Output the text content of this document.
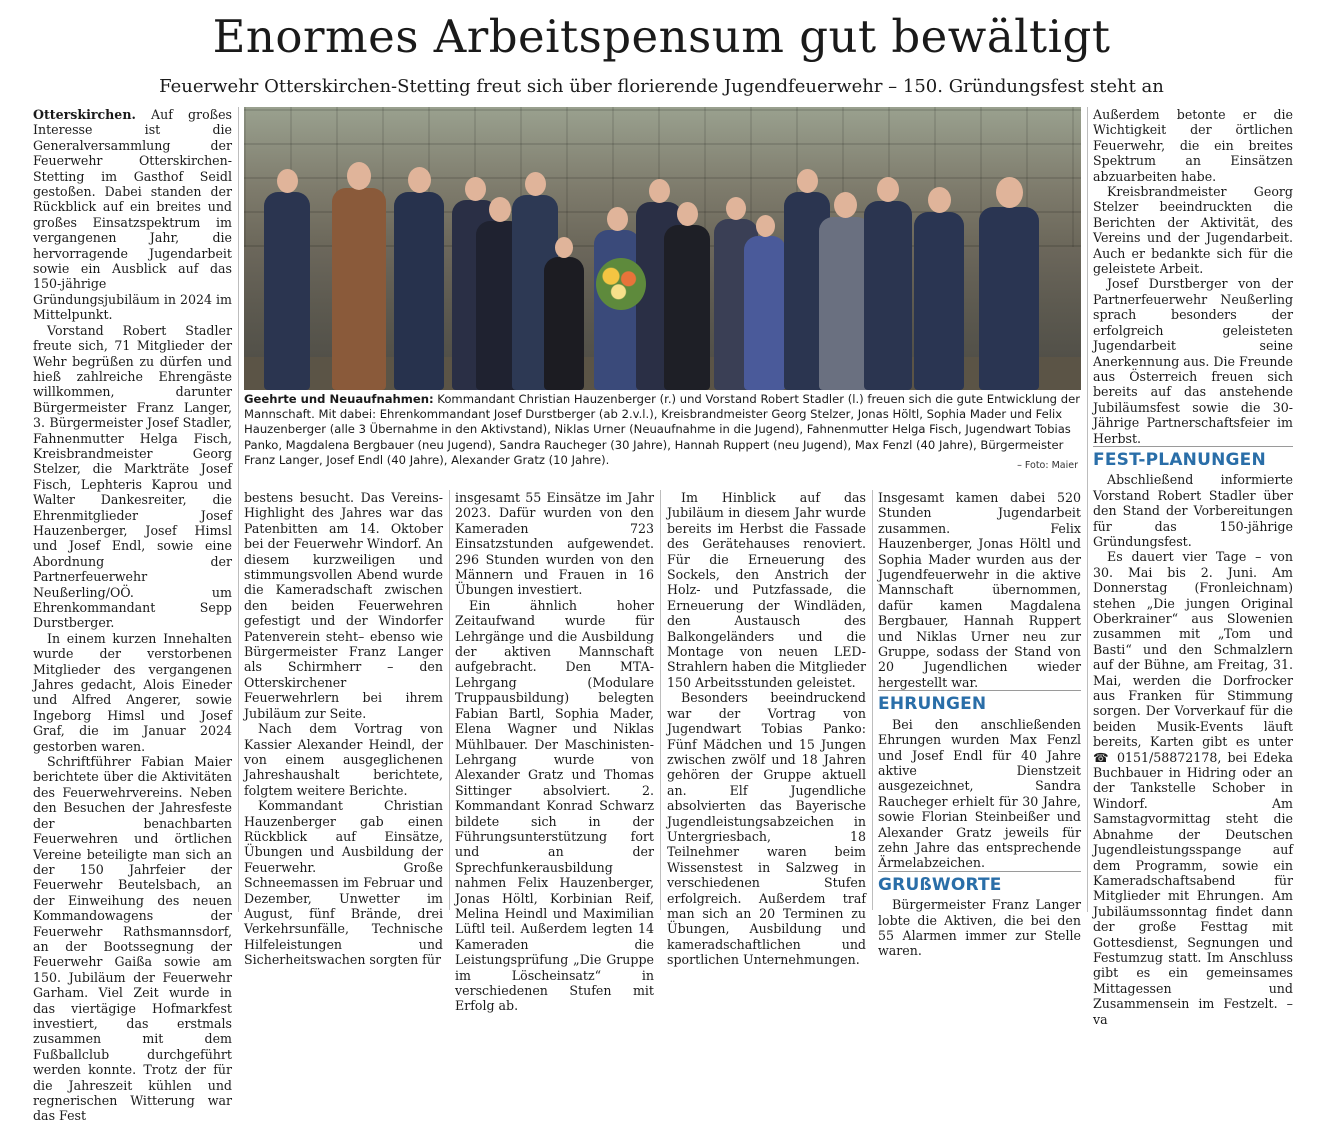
Enormes Arbeitspensum gut bewältigt
Feuerwehr Otterskirchen-Stetting freut sich über florierende Jugendfeuerwehr – 150. Gründungsfest steht an

Otterskirchen. Auf großes Interesse ist die Generalversammlung der Feuerwehr Otterskirchen-Stetting im Gasthof Seidl gestoßen. Dabei standen der Rückblick auf ein breites und großes Einsatzspektrum im vergangenen Jahr, die hervorragende Jugendarbeit sowie ein Ausblick auf das 150-jährige Gründungsjubiläum in 2024 im Mittelpunkt.

Vorstand Robert Stadler freute sich, 71 Mitglieder der Wehr begrüßen zu dürfen und hieß zahlreiche Ehrengäste willkommen, darunter Bürgermeister Franz Langer, 3. Bürgermeister Josef Stadler, Fahnenmutter Helga Fisch, Kreisbrandmeister Georg Stelzer, die Markträte Josef Fisch, Lephteris Kaprou und Walter Dankesreiter, die Ehrenmitglieder Josef Hauzenberger, Josef Himsl und Josef Endl, sowie eine Abordnung der Partnerfeuerwehr Neußerling/OÖ. um Ehrenkommandant Sepp Durstberger.

In einem kurzen Innehalten wurde der verstorbenen Mitglieder des vergangenen Jahres gedacht, Alois Eineder und Alfred Angerer, sowie Ingeborg Himsl und Josef Graf, die im Januar 2024 gestorben waren.

Schriftführer Fabian Maier berichtete über die Aktivitäten des Feuerwehrvereins. Neben den Besuchen der Jahresfeste der benachbarten Feuerwehren und örtlichen Vereine beteiligte man sich an der 150 Jahrfeier der Feuerwehr Beutelsbach, an der Einweihung des neuen Kommandowagens der Feuerwehr Rathsmannsdorf, an der Bootssegnung der Feuerwehr Gaißa sowie am 150. Jubiläum der Feuerwehr Garham. Viel Zeit wurde in das viertägige Hofmarkfest investiert, das erstmals zusammen mit dem Fußballclub durchgeführt werden konnte. Trotz der für die Jahreszeit kühlen und regnerischen Witterung war das Fest

Geehrte und Neuaufnahmen: Kommandant Christian Hauzenberger (r.) und Vorstand Robert Stadler (l.) freuen sich die gute Entwicklung der Mannschaft. Mit dabei: Ehrenkommandant Josef Durstberger (ab 2.v.l.), Kreisbrandmeister Georg Stelzer, Jonas Höltl, Sophia Mader und Felix Hauzenberger (alle 3 Übernahme in den Aktivstand), Niklas Urner (Neuaufnahme in die Jugend), Fahnenmutter Helga Fisch, Jugendwart Tobias Panko, Magdalena Bergbauer (neu Jugend), Sandra Raucheger (30 Jahre), Hannah Ruppert (neu Jugend), Max Fenzl (40 Jahre), Bürgermeister Franz Langer, Josef Endl (40 Jahre), Alexander Gratz (10 Jahre).	– Foto: Maier

bestens besucht. Das Vereins-Highlight des Jahres war das Patenbitten am 14. Oktober bei der Feuerwehr Windorf. An diesem kurzweiligen und stimmungsvollen Abend wurde die Kameradschaft zwischen den beiden Feuerwehren gefestigt und der Windorfer Patenverein steht– ebenso wie Bürgermeister Franz Langer als Schirmherr – den Otterskirchener Feuerwehrlern bei ihrem Jubiläum zur Seite.

Nach dem Vortrag von Kassier Alexander Heindl, der von einem ausgeglichenen Jahreshaushalt berichtete, folgtem weitere Berichte.

Kommandant Christian Hauzenberger gab einen Rückblick auf Einsätze, Übungen und Ausbildung der Feuerwehr. Große Schneemassen im Februar und Dezember, Unwetter im August, fünf Brände, drei Verkehrsunfälle, Technische Hilfeleistungen und Sicherheitswachen sorgten für

insgesamt 55 Einsätze im Jahr 2023. Dafür wurden von den Kameraden 723 Einsatzstunden aufgewendet. 296 Stunden wurden von den Männern und Frauen in 16 Übungen investiert.

Ein ähnlich hoher Zeitaufwand wurde für Lehrgänge und die Ausbildung der aktiven Mannschaft aufgebracht. Den MTA-Lehrgang (Modulare Truppausbildung) belegten Fabian Bartl, Sophia Mader, Elena Wagner und Niklas Mühlbauer. Der Maschinisten-Lehrgang wurde von Alexander Gratz und Thomas Sittinger absolviert. 2. Kommandant Konrad Schwarz bildete sich in der Führungsunterstützung fort und an der Sprechfunkerausbildung nahmen Felix Hauzenberger, Jonas Höltl, Korbinian Reif, Melina Heindl und Maximilian Lüftl teil. Außerdem legten 14 Kameraden die Leistungsprüfung „Die Gruppe im Löscheinsatz“ in verschiedenen Stufen mit Erfolg ab.

Im Hinblick auf das Jubiläum in diesem Jahr wurde bereits im Herbst die Fassade des Gerätehauses renoviert. Für die Erneuerung des Sockels, den Anstrich der Holz- und Putzfassade, die Erneuerung der Windläden, den Austausch des Balkongeländers und die Montage von neuen LED-Strahlern haben die Mitglieder 150 Arbeitsstunden geleistet.

Besonders beeindruckend war der Vortrag von Jugendwart Tobias Panko: Fünf Mädchen und 15 Jungen zwischen zwölf und 18 Jahren gehören der Gruppe aktuell an. Elf Jugendliche absolvierten das Bayerische Jugendleistungsabzeichen in Untergriesbach, 18 Teilnehmer waren beim Wissenstest in Salzweg in verschiedenen Stufen erfolgreich. Außerdem traf man sich an 20 Terminen zu Übungen, Ausbildung und kameradschaftlichen und sportlichen Unternehmungen.

Insgesamt kamen dabei 520 Stunden Jugendarbeit zusammen. Felix Hauzenberger, Jonas Höltl und Sophia Mader wurden aus der Jugendfeuerwehr in die aktive Mannschaft übernommen, dafür kamen Magdalena Bergbauer, Hannah Ruppert und Niklas Urner neu zur Gruppe, sodass der Stand von 20 Jugendlichen wieder hergestellt war.

EHRUNGEN

Bei den anschließenden Ehrungen wurden Max Fenzl und Josef Endl für 40 Jahre aktive Dienstzeit ausgezeichnet, Sandra Raucheger erhielt für 30 Jahre, sowie Florian Steinbeißer und Alexander Gratz jeweils für zehn Jahre das entsprechende Ärmelabzeichen.

GRUßWORTE

Bürgermeister Franz Langer lobte die Aktiven, die bei den 55 Alarmen immer zur Stelle waren.

Außerdem betonte er die Wichtigkeit der örtlichen Feuerwehr, die ein breites Spektrum an Einsätzen abzuarbeiten habe.

Kreisbrandmeister Georg Stelzer beeindruckten die Berichten der Aktivität, des Vereins und der Jugendarbeit. Auch er bedankte sich für die geleistete Arbeit.

Josef Durstberger von der Partnerfeuerwehr Neußerling sprach besonders der erfolgreich geleisteten Jugendarbeit seine Anerkennung aus. Die Freunde aus Österreich freuen sich bereits auf das anstehende Jubiläumsfest sowie die 30-Jährige Partnerschaftsfeier im Herbst.

FEST-PLANUNGEN

Abschließend informierte Vorstand Robert Stadler über den Stand der Vorbereitungen für das 150-jährige Gründungsfest.

Es dauert vier Tage – von 30. Mai bis 2. Juni. Am Donnerstag (Fronleichnam) stehen „Die jungen Original Oberkrainer“ aus Slowenien zusammen mit „Tom und Basti“ und den Schmalzlern auf der Bühne, am Freitag, 31. Mai, werden die Dorfrocker aus Franken für Stimmung sorgen. Der Vorverkauf für die beiden Musik-Events läuft bereits, Karten gibt es unter ☎ 0151/58872178, bei Edeka Buchbauer in Hidring oder an der Tankstelle Schober in Windorf. Am Samstagvormittag steht die Abnahme der Deutschen Jugendleistungsspange auf dem Programm, sowie ein Kameradschaftsabend für Mitglieder mit Ehrungen. Am Jubiläumssonntag findet dann der große Festtag mit Gottesdienst, Segnungen und Festumzug statt. Im Anschluss gibt es ein gemeinsames Mittagessen und Zusammensein im Festzelt. – va
